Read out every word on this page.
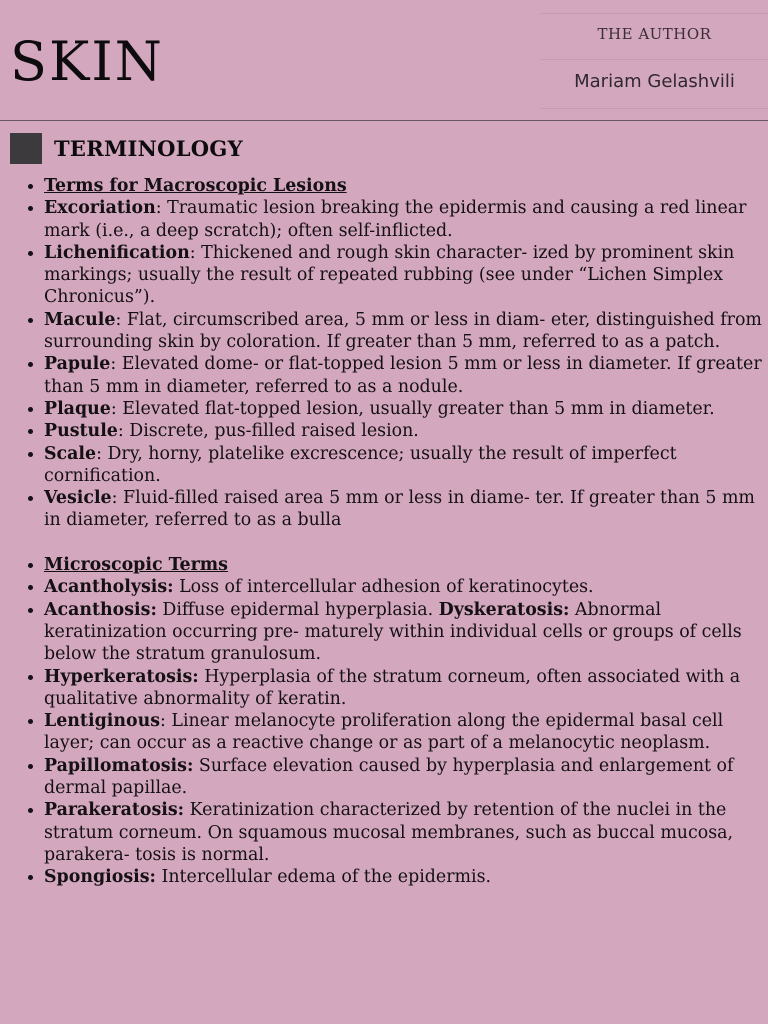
SKIN	THE AUTHOR
Mariam Gelashvili
TERMINOLOGY
• Terms for Macroscopic Lesions
• Excoriation: Traumatic lesion breaking the epidermis and causing a red linear mark (i.e., a deep scratch); often self-inflicted.
• Lichenification: Thickened and rough skin character- ized by prominent skin markings; usually the result of repeated rubbing (see under “Lichen Simplex Chronicus”).
• Macule: Flat, circumscribed area, 5 mm or less in diam- eter, distinguished from surrounding skin by coloration. If greater than 5 mm, referred to as a patch.
• Papule: Elevated dome- or flat-topped lesion 5 mm or less in diameter. If greater than 5 mm in diameter, referred to as a nodule.
• Plaque: Elevated flat-topped lesion, usually greater than 5 mm in diameter.
• Pustule: Discrete, pus-filled raised lesion.
• Scale: Dry, horny, platelike excrescence; usually the result of imperfect cornification.
• Vesicle: Fluid-filled raised area 5 mm or less in diame- ter. If greater than 5 mm in diameter, referred to as a bulla
• Microscopic Terms
• Acantholysis: Loss of intercellular adhesion of keratinocytes.
• Acanthosis: Diffuse epidermal hyperplasia. Dyskeratosis: Abnormal keratinization occurring pre- maturely within individual cells or groups of cells below the stratum granulosum.
• Hyperkeratosis: Hyperplasia of the stratum corneum, often associated with a qualitative abnormality of keratin.
• Lentiginous: Linear melanocyte proliferation along the epidermal basal cell layer; can occur as a reactive change or as part of a melanocytic neoplasm.
• Papillomatosis: Surface elevation caused by hyperplasia and enlargement of dermal papillae.
• Parakeratosis: Keratinization characterized by retention of the nuclei in the stratum corneum. On squamous mucosal membranes, such as buccal mucosa, parakera- tosis is normal.
• Spongiosis: Intercellular edema of the epidermis.
